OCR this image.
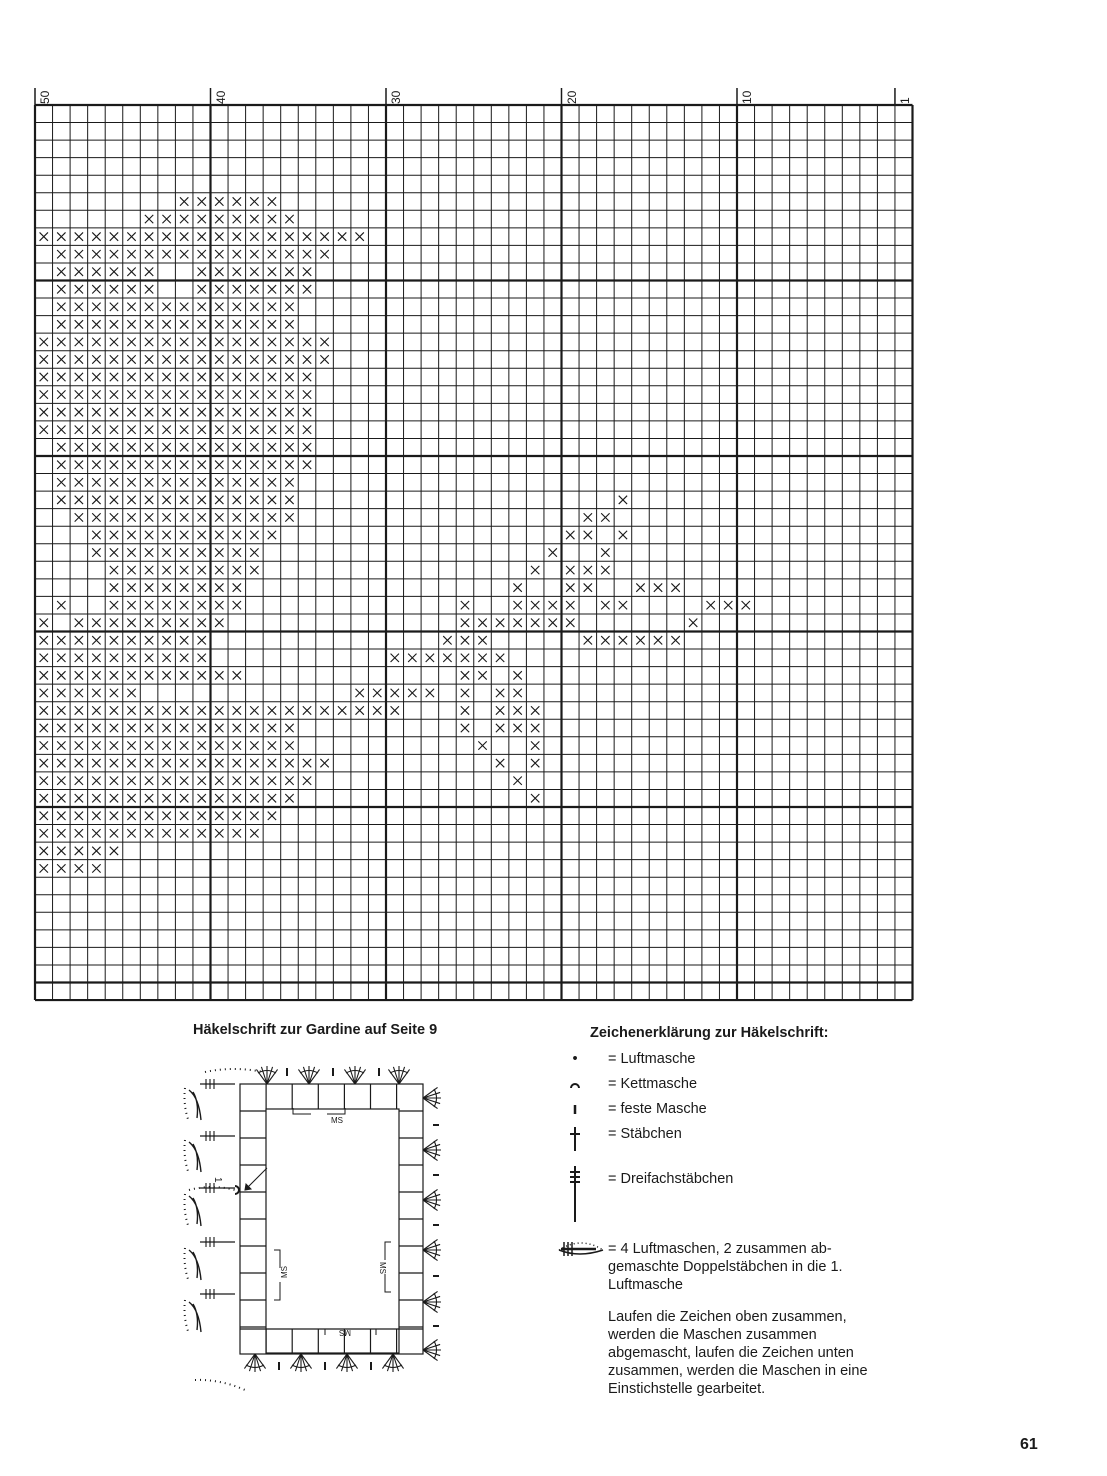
50	40	30	20	10	1
Häkelschrift zur Gardine auf Seite 9
MS
MS
MS	MS
1
Zeichenerklärung zur Häkelschrift:
•	= Luftmasche
= Kettmasche
= feste Masche
= Stäbchen
= Dreifachstäbchen
= 4 Luftmaschen, 2 zusammen ab-
gemaschte Doppelstäbchen in die 1.
Luftmasche
Laufen die Zeichen oben zusammen, werden die Maschen zusammen abgemascht, laufen die Zeichen unten zusammen, werden die Maschen in eine Einstichstelle gearbeitet.
61
